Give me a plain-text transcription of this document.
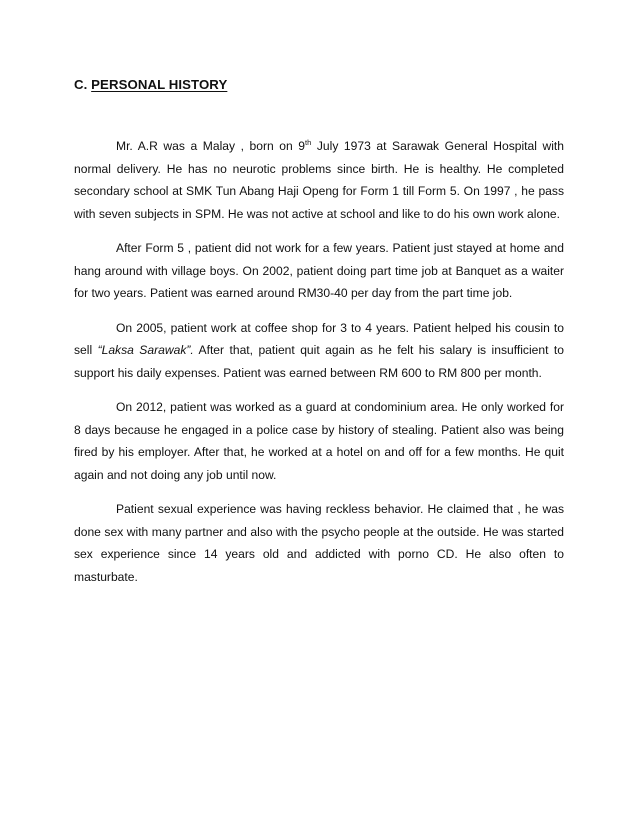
C. PERSONAL HISTORY

Mr. A.R was a Malay , born on 9th July 1973 at Sarawak General Hospital with normal delivery. He has no neurotic problems since birth. He is healthy. He completed secondary school at SMK Tun Abang Haji Openg for Form 1 till Form 5. On 1997 , he pass with seven subjects in SPM. He was not active at school and like to do his own work alone.

After Form 5 , patient did not work for a few years. Patient just stayed at home and hang around with village boys. On 2002, patient doing part time job at Banquet as a waiter for two years. Patient was earned around RM30-40 per day from the part time job.

On 2005, patient work at coffee shop for 3 to 4 years. Patient helped his cousin to sell “Laksa Sarawak”. After that, patient quit again as he felt his salary is insufficient to support his daily expenses. Patient was earned between RM 600 to RM 800 per month.

On 2012, patient was worked as a guard at condominium area. He only worked for 8 days because he engaged in a police case by history of stealing. Patient also was being fired by his employer. After that, he worked at a hotel on and off for a few months. He quit again and not doing any job until now.

Patient sexual experience was having reckless behavior. He claimed that , he was done sex with many partner and also with the psycho people at the outside. He was started sex experience since 14 years old and addicted with porno CD. He also often to masturbate.
